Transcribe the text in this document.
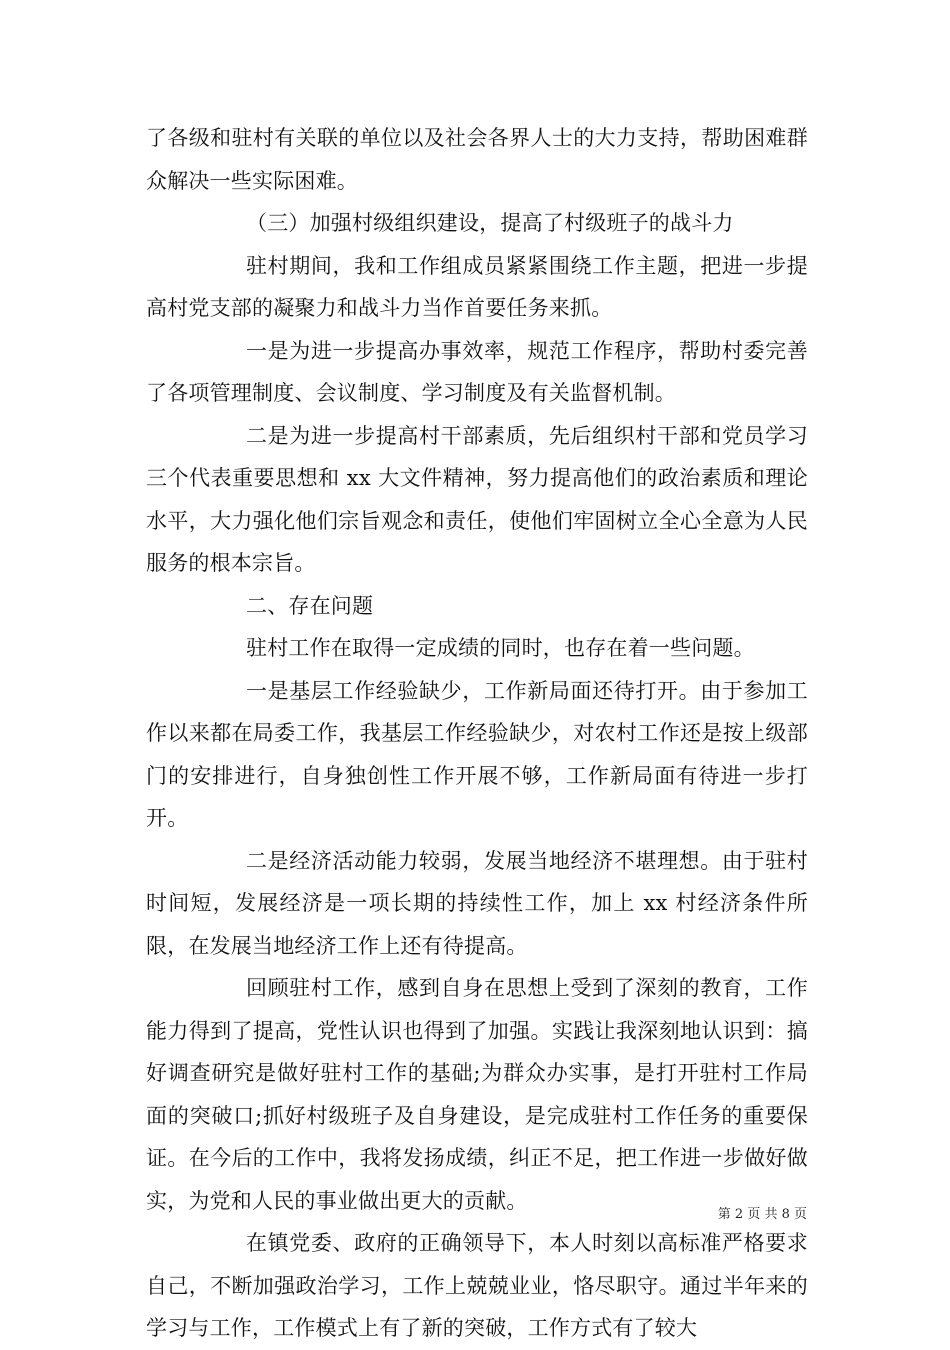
了各级和驻村有关联的单位以及社会各界人士的大力支持，帮助困难群众解决一些实际困难。

（三）加强村级组织建设，提高了村级班子的战斗力

驻村期间，我和工作组成员紧紧围绕工作主题，把进一步提高村党支部的凝聚力和战斗力当作首要任务来抓。

一是为进一步提高办事效率，规范工作程序，帮助村委完善了各项管理制度、会议制度、学习制度及有关监督机制。

二是为进一步提高村干部素质，先后组织村干部和党员学习三个代表重要思想和 xx 大文件精神，努力提高他们的政治素质和理论水平，大力强化他们宗旨观念和责任，使他们牢固树立全心全意为人民服务的根本宗旨。

二、存在问题

驻村工作在取得一定成绩的同时，也存在着一些问题。

一是基层工作经验缺少，工作新局面还待打开。由于参加工作以来都在局委工作，我基层工作经验缺少，对农村工作还是按上级部门的安排进行，自身独创性工作开展不够，工作新局面有待进一步打开。

二是经济活动能力较弱，发展当地经济不堪理想。由于驻村时间短，发展经济是一项长期的持续性工作，加上 xx 村经济条件所限，在发展当地经济工作上还有待提高。

回顾驻村工作，感到自身在思想上受到了深刻的教育，工作能力得到了提高，党性认识也得到了加强。实践让我深刻地认识到：搞好调查研究是做好驻村工作的基础;为群众办实事，是打开驻村工作局面的突破口;抓好村级班子及自身建设，是完成驻村工作任务的重要保证。在今后的工作中，我将发扬成绩，纠正不足，把工作进一步做好做实，为党和人民的事业做出更大的贡献。

在镇党委、政府的正确领导下，本人时刻以高标准严格要求自己，不断加强政治学习，工作上兢兢业业，恪尽职守。通过半年来的学习与工作，工作模式上有了新的突破，工作方式有了较大

第 2 页 共 8 页
